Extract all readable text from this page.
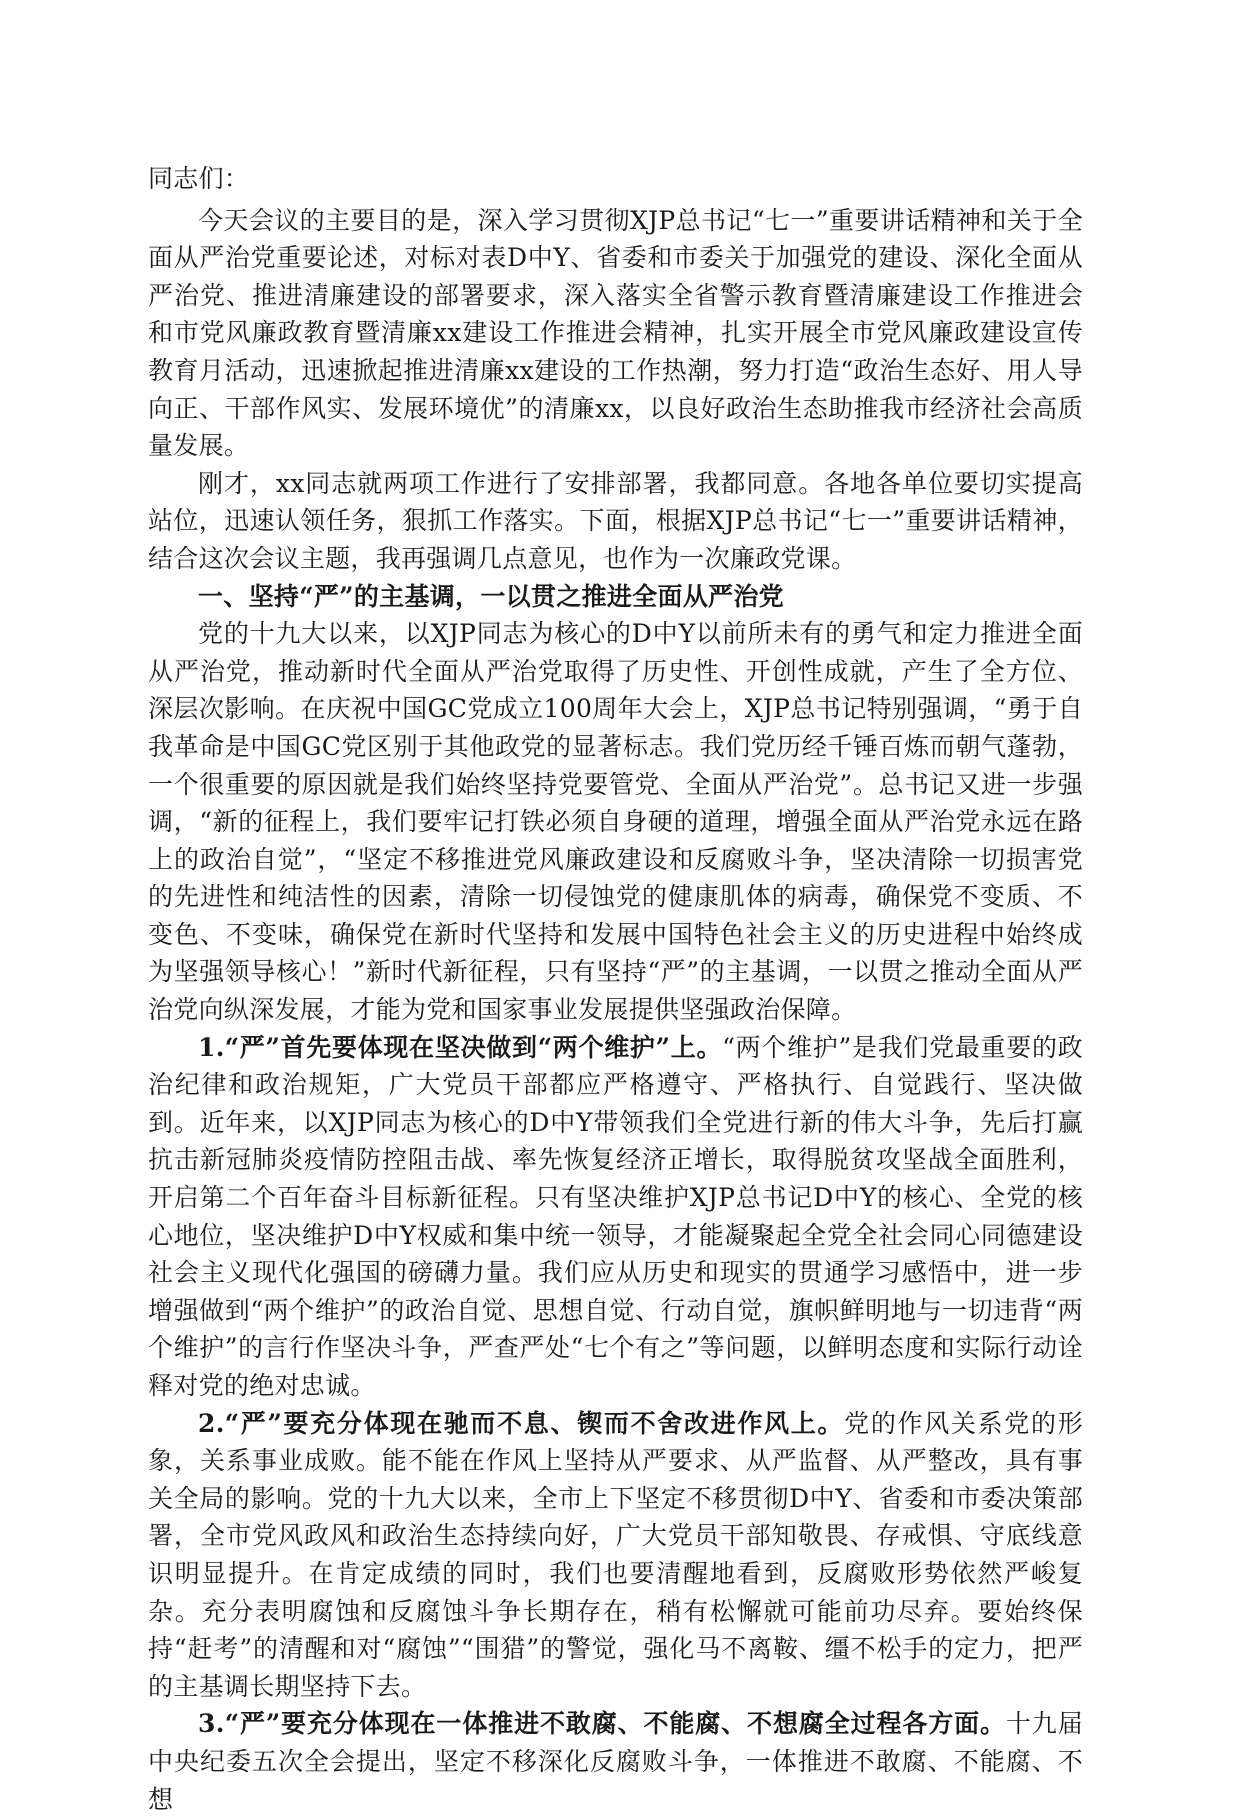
同志们：

今天会议的主要目的是，深入学习贯彻XJP总书记“七一”重要讲话精神和关于全面从严治党重要论述，对标对表D中Y、省委和市委关于加强党的建设、深化全面从严治党、推进清廉建设的部署要求，深入落实全省警示教育暨清廉建设工作推进会和市党风廉政教育暨清廉xx建设工作推进会精神，扎实开展全市党风廉政建设宣传教育月活动，迅速掀起推进清廉xx建设的工作热潮，努力打造“政治生态好、用人导向正、干部作风实、发展环境优”的清廉xx，以良好政治生态助推我市经济社会高质量发展。

刚才，xx同志就两项工作进行了安排部署，我都同意。各地各单位要切实提高站位，迅速认领任务，狠抓工作落实。下面，根据XJP总书记“七一”重要讲话精神，结合这次会议主题，我再强调几点意见，也作为一次廉政党课。

一、坚持“严”的主基调，一以贯之推进全面从严治党

党的十九大以来，以XJP同志为核心的D中Y以前所未有的勇气和定力推进全面从严治党，推动新时代全面从严治党取得了历史性、开创性成就，产生了全方位、深层次影响。在庆祝中国GC党成立100周年大会上，XJP总书记特别强调，“勇于自我革命是中国GC党区别于其他政党的显著标志。我们党历经千锤百炼而朝气蓬勃，一个很重要的原因就是我们始终坚持党要管党、全面从严治党”。总书记又进一步强调，“新的征程上，我们要牢记打铁必须自身硬的道理，增强全面从严治党永远在路上的政治自觉”，“坚定不移推进党风廉政建设和反腐败斗争，坚决清除一切损害党的先进性和纯洁性的因素，清除一切侵蚀党的健康肌体的病毒，确保党不变质、不变色、不变味，确保党在新时代坚持和发展中国特色社会主义的历史进程中始终成为坚强领导核心！”新时代新征程，只有坚持“严”的主基调，一以贯之推动全面从严治党向纵深发展，才能为党和国家事业发展提供坚强政治保障。

1.“严”首先要体现在坚决做到“两个维护”上。“两个维护”是我们党最重要的政治纪律和政治规矩，广大党员干部都应严格遵守、严格执行、自觉践行、坚决做到。近年来，以XJP同志为核心的D中Y带领我们全党进行新的伟大斗争，先后打赢抗击新冠肺炎疫情防控阻击战、率先恢复经济正增长，取得脱贫攻坚战全面胜利，开启第二个百年奋斗目标新征程。只有坚决维护XJP总书记D中Y的核心、全党的核心地位，坚决维护D中Y权威和集中统一领导，才能凝聚起全党全社会同心同德建设社会主义现代化强国的磅礴力量。我们应从历史和现实的贯通学习感悟中，进一步增强做到“两个维护”的政治自觉、思想自觉、行动自觉，旗帜鲜明地与一切违背“两个维护”的言行作坚决斗争，严查严处“七个有之”等问题，以鲜明态度和实际行动诠释对党的绝对忠诚。

2.“严”要充分体现在驰而不息、锲而不舍改进作风上。党的作风关系党的形象，关系事业成败。能不能在作风上坚持从严要求、从严监督、从严整改，具有事关全局的影响。党的十九大以来，全市上下坚定不移贯彻D中Y、省委和市委决策部署，全市党风政风和政治生态持续向好，广大党员干部知敬畏、存戒惧、守底线意识明显提升。在肯定成绩的同时，我们也要清醒地看到，反腐败形势依然严峻复杂。充分表明腐蚀和反腐蚀斗争长期存在，稍有松懈就可能前功尽弃。要始终保持“赶考”的清醒和对“腐蚀”“围猎”的警觉，强化马不离鞍、缰不松手的定力，把严的主基调长期坚持下去。

3.“严”要充分体现在一体推进不敢腐、不能腐、不想腐全过程各方面。十九届中央纪委五次全会提出，坚定不移深化反腐败斗争，一体推进不敢腐、不能腐、不想
